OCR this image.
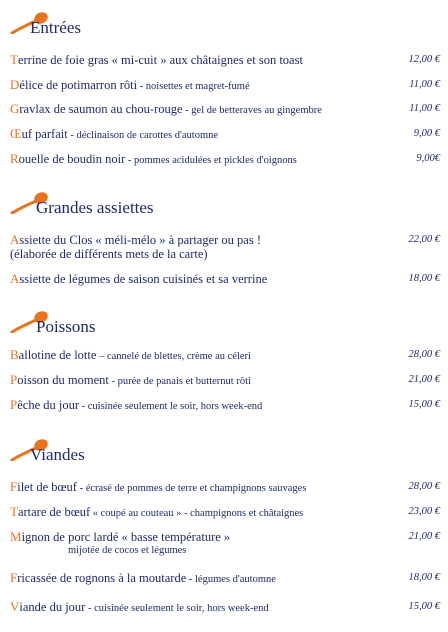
Entrées
Terrine de foie gras « mi-cuit » aux châtaignes et son toast	12,00 €
Délice de potimarron rôti - noisettes et magret-fumé	11,00 €
Gravlax de saumon au chou-rouge - gel de betteraves au gingembre	11,00 €
Œuf parfait - déclinaison de carottes d'automne	9,00 €
Rouelle de boudin noir - pommes acidulées et pickles d'oignons	9,00€
Grandes assiettes
Assiette du Clos « méli-mélo » à partager ou pas !
(élaborée de différents mets de la carte)
22,00 €
Assiette de légumes de saison cuisinés et sa verrine	18,00 €
Poissons
Ballotine de lotte – cannelé de blettes, crème au céleri	28,00 €
Poisson du moment - purée de panais et butternut rôti	21,00 €
Pêche du jour - cuisinée seulement le soir, hors week-end	15,00 €
Viandes
Filet de bœuf - écrasé de pommes de terre et champignons sauvages	28,00 €
Tartare de bœuf « coupé au couteau » - champignons et châtaignes	23,00 €
Mignon de porc lardé « basse température »
mijotée de cocos et légumes
21,00 €
Fricassée de rognons à la moutarde - légumes d'automne	18,00 €
Viande du jour - cuisinée seulement le soir, hors week-end	15,00 €
